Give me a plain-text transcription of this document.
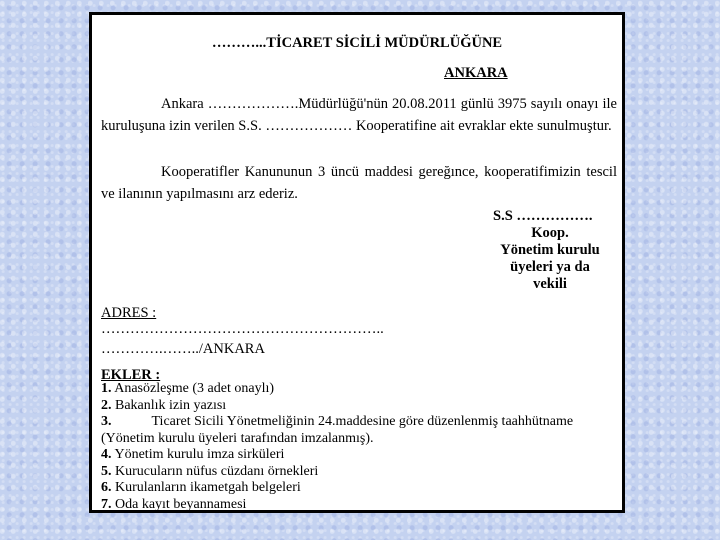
………...TİCARET SİCİLİ MÜDÜRLÜĞÜNE
ANKARA
Ankara ……………….Müdürlüğü'nün 20.08.2011 günlü 3975 sayılı onayı ile kuruluşuna izin verilen S.S. ……………… Kooperatifine ait evraklar ekte sunulmuştur.
Kooperatifler Kanununun 3 üncü maddesi gereğınce, kooperatifimizin tescil ve ilanının yapılmasını arz ederiz.
S.S …………….
Koop.
Yönetim kurulu
üyeleri ya da
vekili
ADRES :
…………………………………………………..
………….……../ANKARA
EKLER :
1. Anasözleşme (3 adet onaylı)
2. Bakanlık izin yazısı
3.	Ticaret Sicili Yönetmeliğinin 24.maddesine göre düzenlenmiş taahhütname (Yönetim kurulu üyeleri tarafından imzalanmış).
4. Yönetim kurulu imza sirküleri
5. Kurucuların nüfus cüzdanı örnekleri
6. Kurulanların ikametgah belgeleri
7. Oda kayıt beyannamesi
